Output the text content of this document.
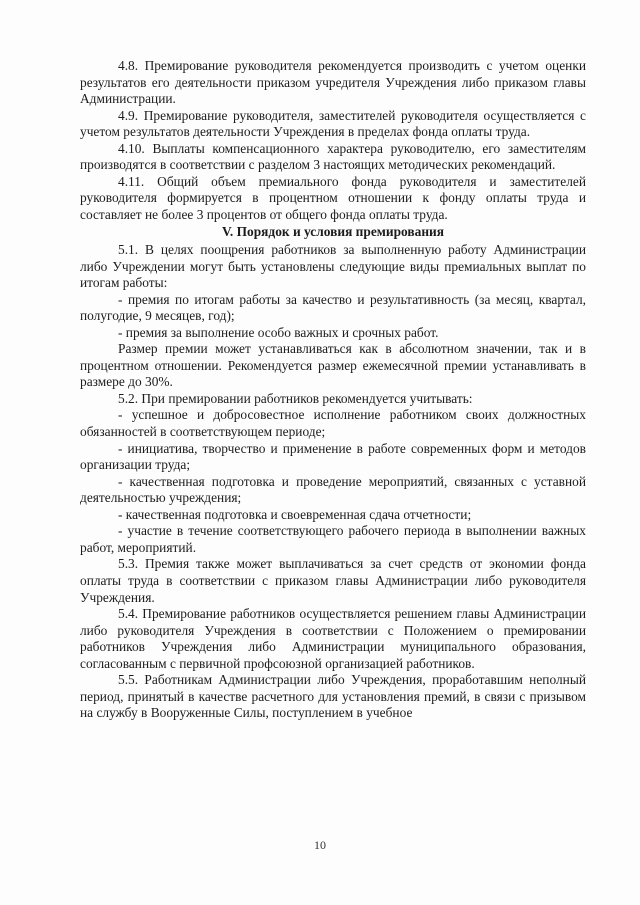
4.8. Премирование руководителя рекомендуется производить с учетом оценки результатов его деятельности приказом учредителя Учреждения либо приказом главы Администрации.

4.9. Премирование руководителя, заместителей руководителя осуществляется с учетом результатов деятельности Учреждения в пределах фонда оплаты труда.

4.10. Выплаты компенсационного характера руководителю, его заместителям производятся в соответствии с разделом 3 настоящих методических рекомендаций.

4.11. Общий объем премиального фонда руководителя и заместителей руководителя формируется в процентном отношении к фонду оплаты труда и составляет не более 3 процентов от общего фонда оплаты труда.

V. Порядок и условия премирования

5.1. В целях поощрения работников за выполненную работу Администрации либо Учреждении могут быть установлены следующие виды премиальных выплат по итогам работы:

- премия по итогам работы за качество и результативность (за месяц, квартал, полугодие, 9 месяцев, год);

- премия за выполнение особо важных и срочных работ.

Размер премии может устанавливаться как в абсолютном значении, так и в процентном отношении. Рекомендуется размер ежемесячной премии устанавливать в размере до 30%.

5.2. При премировании работников рекомендуется учитывать:

- успешное и добросовестное исполнение работником своих должностных обязанностей в соответствующем периоде;

- инициатива, творчество и применение в работе современных форм и методов организации труда;

- качественная подготовка и проведение мероприятий, связанных с уставной деятельностью учреждения;

- качественная подготовка и своевременная сдача отчетности;

- участие в течение соответствующего рабочего периода в выполнении важных работ, мероприятий.

5.3. Премия также может выплачиваться за счет средств от экономии фонда оплаты труда в соответствии с приказом главы Администрации либо руководителя Учреждения.

5.4. Премирование работников осуществляется решением главы Администрации либо руководителя Учреждения в соответствии с Положением о премировании работников Учреждения либо Администрации муниципального образования, согласованным с первичной профсоюзной организацией работников.

5.5. Работникам Администрации либо Учреждения, проработавшим неполный период, принятый в качестве расчетного для установления премий, в связи с призывом на службу в Вооруженные Силы, поступлением в учебное

10
